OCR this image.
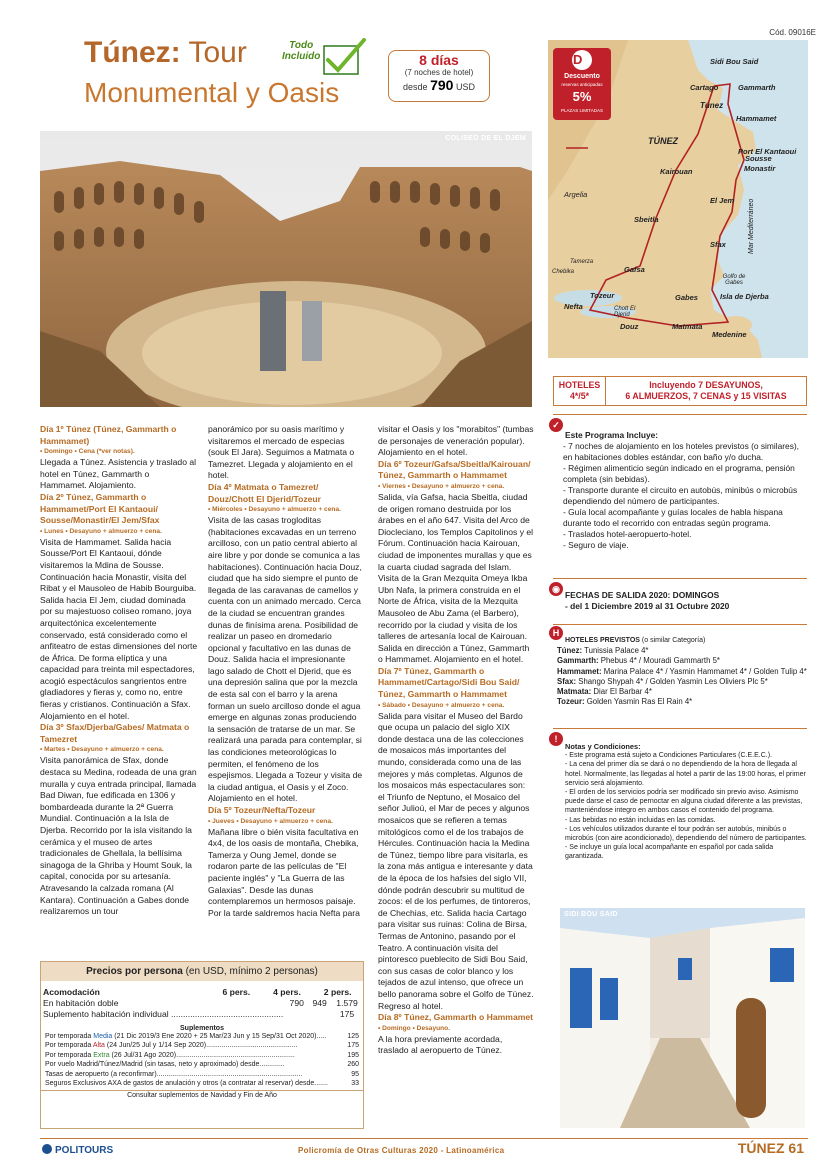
Cód. 09016E
Túnez: Tour
Monumental y Oasis
Todo
Incluido	8 días
(7 noches de hotel)
desde 790 USD
COLISEO DE EL DJEM
D
Descuento
reservas anticipadas
5%
PLAZAS LIMITADAS
Sidi Bou Said
Cartago	Gammarth
Túnez
Hammamet
TÚNEZ
Port El Kantaoui
Sousse
Kairouan	Monastir
El Jem
Argelia
Sbeitla
Sfax	Mar Mediterráneo
Tamerza
Chebika	Gafsa
Golfo de Gabes
Tozeur
Nefta	Chott El Djerid
Gabes	Isla de Djerba
Douz	Matmata
Medenine
HOTELES
4*/5*
Incluyendo 7 DESAYUNOS,
6 ALMUERZOS, 7 CENAS y 15 VISITAS
Día 1º Túnez (Túnez, Gammarth o Hammamet)
• Domingo • Cena (*ver notas).

Llegada a Túnez. Asistencia y traslado al hotel en Túnez, Gammarth o Hammamet. Alojamiento.

Día 2º Túnez, Gammarth o Hammamet/Port El Kantaoui/ Sousse/Monastir/El Jem/Sfax
• Lunes • Desayuno + almuerzo + cena.

Visita de Hammamet. Salida hacia Sousse/Port El Kantaoui, dónde visitaremos la Mdina de Sousse. Continuación hacia Monastir, visita del Ribat y el Mausoleo de Habib Bourguiba. Salida hacia El Jem, ciudad dominada por su majestuoso coliseo romano, joya arquitectónica excelentemente conservado, está considerado como el anfiteatro de estas dimensiones del norte de África. De forma elíptica y una capacidad para treinta mil espectadores, acogió espectáculos sangrientos entre gladiadores y fieras y, como no, entre fieras y cristianos. Continuación a Sfax. Alojamiento en el hotel.

Día 3º Sfax/Djerba/Gabes/ Matmata o Tamezret
• Martes • Desayuno + almuerzo + cena.

Visita panorámica de Sfax, donde destaca su Medina, rodeada de una gran muralla y cuya entrada principal, llamada Bad Diwan, fue edificada en 1306 y bombardeada durante la 2ª Guerra Mundial. Continuación a la Isla de Djerba. Recorrido por la isla visitando la cerámica y el museo de artes tradicionales de Ghellala, la bellísima sinagoga de la Ghriba y Houmt Souk, la capital, conocida por su artesanía. Atravesando la calzada romana (Al Kantara). Continuación a Gabes donde realizaremos un tour

panorámico por su oasis marítimo y visitaremos el mercado de especias (souk El Jara). Seguimos a Matmata o Tamezret. Llegada y alojamiento en el hotel.

Día 4º Matmata o Tamezret/ Douz/Chott El Djerid/Tozeur
• Miércoles • Desayuno + almuerzo + cena.

Visita de las casas trogloditas (habitaciones excavadas en un terreno arcilloso, con un patio central abierto al aire libre y por donde se comunica a las habitaciones). Continuación hacia Douz, ciudad que ha sido siempre el punto de llegada de las caravanas de camellos y cuenta con un animado mercado. Cerca de la ciudad se encuentran grandes dunas de finísima arena. Posibilidad de realizar un paseo en dromedario opcional y facultativo en las dunas de Douz. Salida hacia el impresionante lago salado de Chott el Djerid, que es una depresión salina que por la mezcla de esta sal con el barro y la arena forman un suelo arcilloso donde el agua emerge en algunas zonas produciendo la sensación de tratarse de un mar. Se realizará una parada para contemplar, si las condiciones meteorológicas lo permiten, el fenómeno de los espejismos. Llegada a Tozeur y visita de la ciudad antigua, el Oasis y el Zoco. Alojamiento en el hotel.

Día 5º Tozeur/Nefta/Tozeur
• Jueves • Desayuno + almuerzo + cena.

Mañana libre o bién visita facultativa en 4x4, de los oasis de montaña, Chebika, Tamerza y Oung Jemel, donde se rodaron parte de las películas de "El paciente inglés" y "La Guerra de las Galaxias". Desde las dunas contemplaremos un hermosos paisaje. Por la tarde saldremos hacia Nefta para

visitar el Oasis y los "morabitos" (tumbas de personajes de veneración popular). Alojamiento en el hotel.

Día 6º Tozeur/Gafsa/Sbeitla/Kairouan/ Túnez, Gammarth o Hammamet
• Viernes • Desayuno + almuerzo + cena.

Salida, vía Gafsa, hacia Sbeitla, ciudad de origen romano destruida por los árabes en el año 647. Visita del Arco de Diocleciano, los Templos Capitolinos y el Fórum. Continuación hacia Kairouan, ciudad de imponentes murallas y que es la cuarta ciudad sagrada del Islam. Visita de la Gran Mezquita Omeya Ikba Ubn Nafa, la primera construida en el Norte de África, visita de la Mezquita Mausoleo de Abu Zama (el Barbero), recorrido por la ciudad y visita de los talleres de artesanía local de Kairouan. Salida en dirección a Túnez, Gammarth o Hammamet. Alojamiento en el hotel.

Día 7º Túnez, Gammarth o Hammamet/Cartago/Sidi Bou Said/ Túnez, Gammarth o Hammamet
• Sábado • Desayuno + almuerzo + cena.

Salida para visitar el Museo del Bardo que ocupa un palacio del siglo XIX donde destaca una de las colecciones de mosaicos más importantes del mundo, considerada como una de las mejores y más completas. Algunos de los mosaicos más espectaculares son: el Triunfo de Neptuno, el Mosaico del señor Julioú, el Mar de peces y algunos mosaicos que se refieren a temas mitológicos como el de los trabajos de Hércules. Continuación hacia la Medina de Túnez, tiempo libre para visitarla, es la zona más antigua e interesante y data de la época de los hafsies del siglo VII, dónde podrán descubrir su multitud de zocos: el de los perfumes, de tintoreros, de Chechias, etc. Salida hacia Cartago para visitar sus ruinas: Colina de Birsa, Termas de Antonino, pasando por el Teatro. A continuación visita del pintoresco pueblecito de Sidi Bou Said, con sus casas de color blanco y los tejados de azul intenso, que ofrece un bello panorama sobre el Golfo de Túnez. Regreso al hotel.

Día 8º Túnez, Gammarth o Hammamet
• Domingo • Desayuno.

A la hora previamente acordada, traslado al aeropuerto de Túnez.

✓
Este Programa Incluye:
- 7 noches de alojamiento en los hoteles previstos (o similares), en habitaciones dobles estándar, con baño y/o ducha.
- Régimen alimenticio según indicado en el programa, pensión completa (sin bebidas).
- Transporte durante el circuito en autobús, minibús o microbús dependiendo del número de participantes.
- Guía local acompañante y guías locales de habla hispana durante todo el recorrido con entradas según programa.
- Traslados hotel-aeropuerto-hotel.
- Seguro de viaje.
◉
FECHAS DE SALIDA 2020: DOMINGOS
- del 1 Diciembre 2019 al 31 Octubre 2020
H
HOTELES PREVISTOS (o similar Categoría)
Túnez: Tunissia Palace 4*
Gammarth: Phebus 4* / Mouradi Gammarth 5*
Hammamet: Marina Palace 4* / Yasmin Hammamet 4* / Golden Tulip 4*
Sfax: Shango Shypah 4* / Golden Yasmin Les Oliviers Plc 5*
Matmata: Diar El Barbar 4*
Tozeur: Golden Yasmin Ras El Rain 4*
!
Notas y Condiciones:
- Este programa está sujeto a Condiciones Particulares (C.E.E.C.).
- La cena del primer día se dará o no dependiendo de la hora de llegada al hotel. Normalmente, las llegadas al hotel a partir de las 19:00 horas, el primer servicio será alojamiento.
- El orden de los servicios podría ser modificado sin previo aviso. Asimismo puede darse el caso de pernoctar en alguna ciudad diferente a las previstas, manteniéndose integro en ambos casos el contenido del programa.
- Las bebidas no están incluidas en las comidas.
- Los vehículos utilizados durante el tour podrán ser autobús, minibús o microbús (con aire acondicionado), dependiendo del número de participantes.
- Se incluye un guía local acompañante en español por cada salida garantizada.
SIDI BOU SAID
Precios por persona (en USD, mínimo 2 personas)
Acomodación	6 pers.	4 pers.	2 pers.
En habitación doble	790	949	1.579
Suplemento habitación individual ...............................................			175
Suplementos
Por temporada Media (21 Dic 2019/3 Ene 2020 + 25 Mar/23 Jun y 15 Sep/31 Oct 2020).....	125
Por temporada Alta (24 Jun/25 Jul y 1/14 Sep 2020)...............................................	175
Por temporada Extra (26 Jul/31 Ago 2020).............................................................	195
Por vuelo Madrid/Túnez/Madrid (sin tasas, neto y aproximado) desde.............	260
Tasas de aeropuerto (a reconfirmar)...........................................................................	95
Seguros Exclusivos AXA de gastos de anulación y otros (a contratar al reservar) desde.......	33
Consultar suplementos de Navidad y Fin de Año
POLITOURS	Policromía de Otras Culturas 2020 - Latinoamérica	TÚNEZ 61
